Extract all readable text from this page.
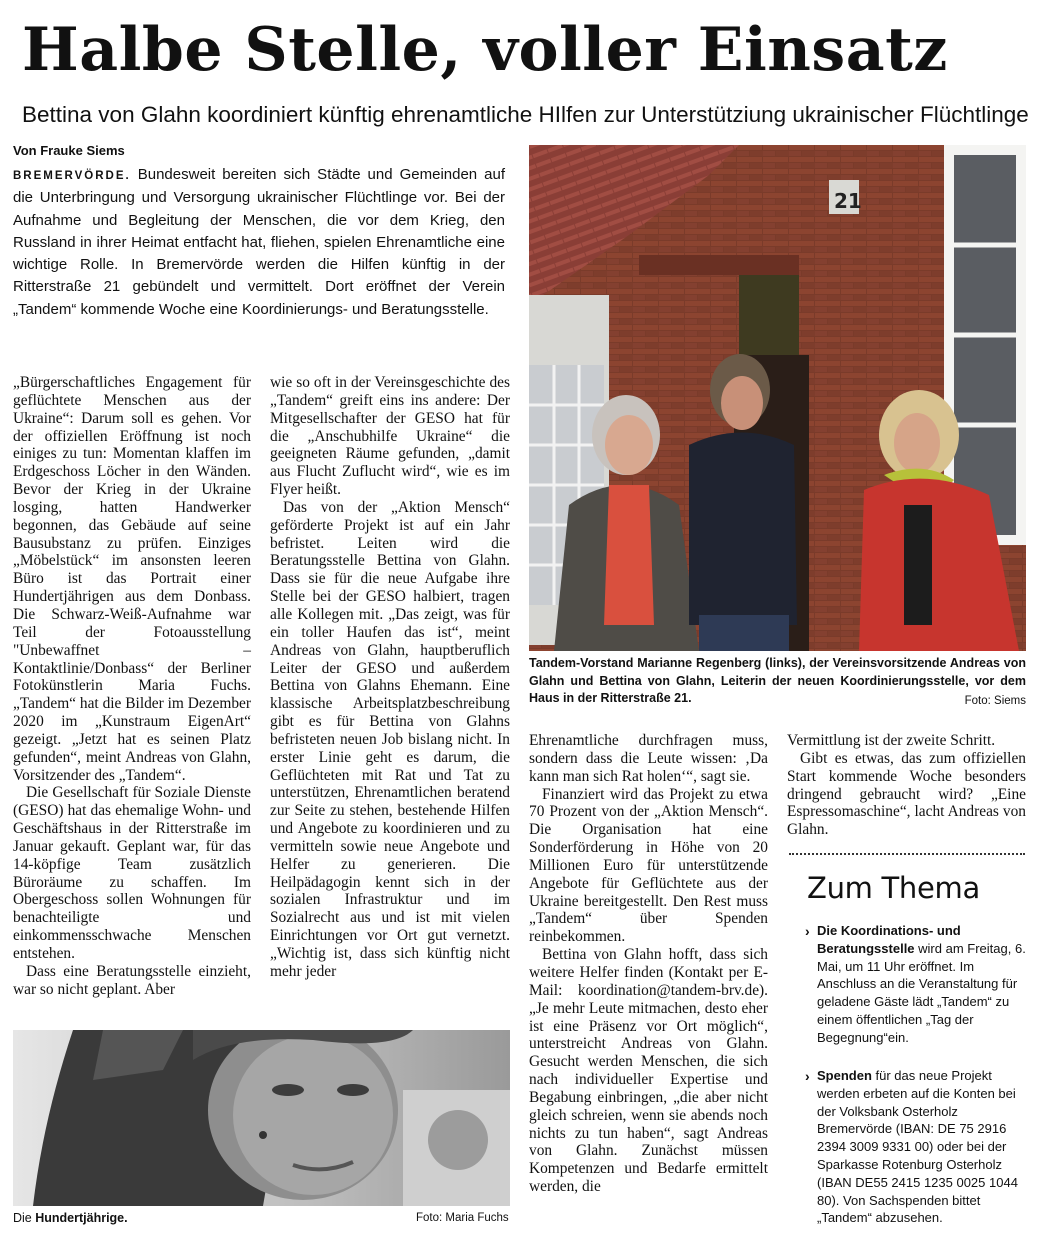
Halbe Stelle, voller Einsatz
Bettina von Glahn koordiniert künftig ehrenamtliche HIlfen zur Unterstütziung ukrainischer Flüchtlinge
Von Frauke Siems
BREMERVÖRDE. Bundesweit bereiten sich Städte und Gemeinden auf die Unterbringung und Versorgung ukrainischer Flüchtlinge vor. Bei der Aufnahme und Begleitung der Menschen, die vor dem Krieg, den Russland in ihrer Heimat entfacht hat, fliehen, spielen Ehrenamtliche eine wichtige Rolle. In Bremervörde werden die Hilfen künftig in der Ritterstraße 21 gebündelt und vermittelt. Dort eröffnet der Verein „Tandem“ kommende Woche eine Koordinierungs- und Beratungsstelle.
21
Tandem-Vorstand Marianne Regenberg (links), der Vereinsvorsitzende Andreas von Glahn und Bettina von Glahn, Leiterin der neuen Koordinierungsstelle, vor dem Haus in der Ritterstraße 21.	Foto: Siems

„Bürgerschaftliches Engagement für geflüchtete Menschen aus der Ukraine“: Darum soll es gehen. Vor der offiziellen Eröffnung ist noch einiges zu tun: Momentan klaffen im Erdgeschoss Löcher in den Wänden. Bevor der Krieg in der Ukraine losging, hatten Handwerker begonnen, das Gebäude auf seine Bausubstanz zu prüfen. Einziges „Möbelstück“ im ansonsten leeren Büro ist das Portrait einer Hundertjährigen aus dem Donbass. Die Schwarz-Weiß-Aufnahme war Teil der Fotoausstellung "Unbewaffnet – Kontaktlinie/Donbass“ der Berliner Fotokünstlerin Maria Fuchs. „Tandem“ hat die Bilder im Dezember 2020 im „Kunstraum EigenArt“ gezeigt. „Jetzt hat es seinen Platz gefunden“, meint Andreas von Glahn, Vorsitzender des „Tandem“.

Die Gesellschaft für Soziale Dienste (GESO) hat das ehemalige Wohn- und Geschäftshaus in der Ritterstraße im Januar gekauft. Geplant war, für das 14-köpfige Team zusätzlich Büroräume zu schaffen. Im Obergeschoss sollen Wohnungen für benachteiligte und einkommensschwache Menschen entstehen.

Dass eine Beratungsstelle einzieht, war so nicht geplant. Aber

wie so oft in der Vereinsgeschichte des „Tandem“ greift eins ins andere: Der Mitgesellschafter der GESO hat für die „Anschubhilfe Ukraine“ die geeigneten Räume gefunden, „damit aus Flucht Zuflucht wird“, wie es im Flyer heißt.

Das von der „Aktion Mensch“ geförderte Projekt ist auf ein Jahr befristet. Leiten wird die Beratungsstelle Bettina von Glahn. Dass sie für die neue Aufgabe ihre Stelle bei der GESO halbiert, tragen alle Kollegen mit. „Das zeigt, was für ein toller Haufen das ist“, meint Andreas von Glahn, hauptberuflich Leiter der GESO und außerdem Bettina von Glahns Ehemann. Eine klassische Arbeitsplatzbeschreibung gibt es für Bettina von Glahns befristeten neuen Job bislang nicht. In erster Linie geht es darum, die Geflüchteten mit Rat und Tat zu unterstützen, Ehrenamtlichen beratend zur Seite zu stehen, bestehende Hilfen und Angebote zu koordinieren und zu vermitteln sowie neue Angebote und Helfer zu generieren. Die Heilpädagogin kennt sich in der sozialen Infrastruktur und im Sozialrecht aus und ist mit vielen Einrichtungen vor Ort gut vernetzt. „Wichtig ist, dass sich künftig nicht mehr jeder

Ehrenamtliche durchfragen muss, sondern dass die Leute wissen: ‚Da kann man sich Rat holen‘“, sagt sie.

Finanziert wird das Projekt zu etwa 70 Prozent von der „Aktion Mensch“. Die Organisation hat eine Sonderförderung in Höhe von 20 Millionen Euro für unterstützende Angebote für Geflüchtete aus der Ukraine bereitgestellt. Den Rest muss „Tandem“ über Spenden reinbekommen.

Bettina von Glahn hofft, dass sich weitere Helfer finden (Kontakt per E-Mail: koordination@tandem-brv.de). „Je mehr Leute mitmachen, desto eher ist eine Präsenz vor Ort möglich“, unterstreicht Andreas von Glahn. Gesucht werden Menschen, die sich nach individueller Expertise und Begabung einbringen, „die aber nicht gleich schreien, wenn sie abends noch nichts zu tun haben“, sagt Andreas von Glahn. Zunächst müssen Kompetenzen und Bedarfe ermittelt werden, die

Vermittlung ist der zweite Schritt.

Gibt es etwas, das zum offiziellen Start kommende Woche besonders dringend gebraucht wird? „Eine Espressomaschine“, lacht Andreas von Glahn.

Die Hundertjährige.	Foto: Maria Fuchs
Zum Thema
› Die Koordinations- und Beratungsstelle wird am Freitag, 6. Mai, um 11 Uhr eröffnet. Im Anschluss an die Veranstaltung für geladene Gäste lädt „Tandem“ zu einem öffentlichen „Tag der Begegnung“ein.
› Spenden für das neue Projekt werden erbeten auf die Konten bei der Volksbank Osterholz Bremervörde (IBAN: DE 75 2916 2394 3009 9331 00) oder bei der Sparkasse Rotenburg Osterholz (IBAN DE55 2415 1235 0025 1044 80). Von Sachspenden bittet „Tandem“ abzusehen.
